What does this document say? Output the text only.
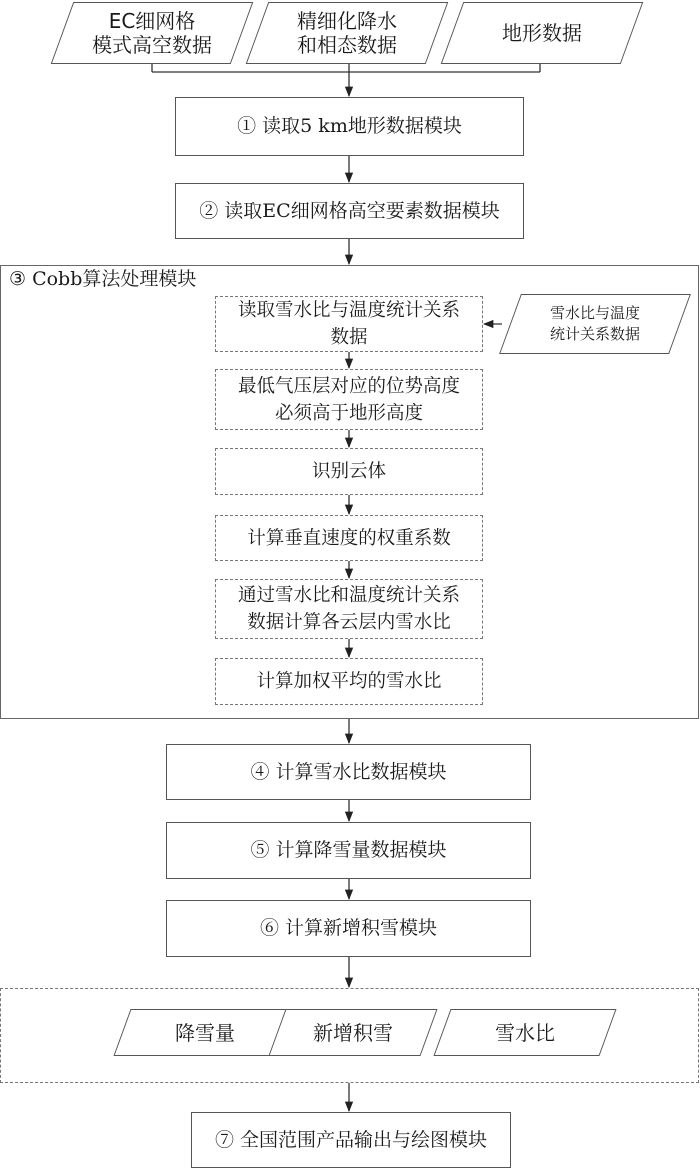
EC细网格
模式高空数据
精细化降水
和相态数据	地形数据
① 读取5 km地形数据模块
② 读取EC细网格高空要素数据模块
③ Cobb算法处理模块
读取雪水比与温度统计关系
数据
最低气压层对应的位势高度
必须高于地形高度
识别云体
计算垂直速度的权重系数
通过雪水比和温度统计关系
数据计算各云层内雪水比
计算加权平均的雪水比
雪水比与温度
统计关系数据
④ 计算雪水比数据模块
⑤ 计算降雪量数据模块
⑥ 计算新增积雪模块
降雪量	新增积雪	雪水比
⑦ 全国范围产品输出与绘图模块
